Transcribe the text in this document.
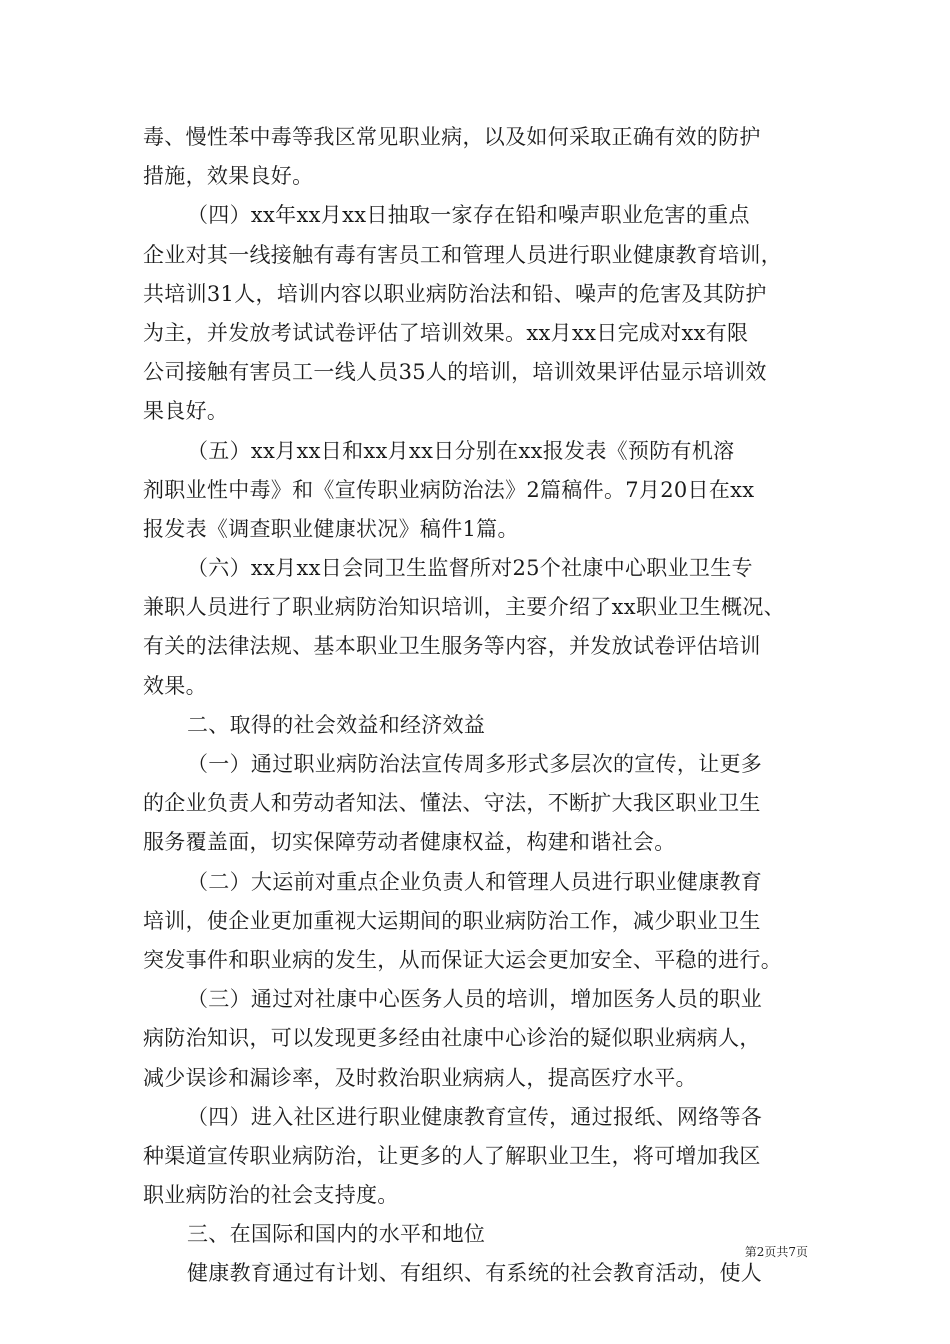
毒、慢性苯中毒等我区常见职业病，以及如何采取正确有效的防护
措施，效果良好。
（四）xx年xx月xx日抽取一家存在铅和噪声职业危害的重点
企业对其一线接触有毒有害员工和管理人员进行职业健康教育培训，
共培训31人，培训内容以职业病防治法和铅、噪声的危害及其防护
为主，并发放考试试卷评估了培训效果。xx月xx日完成对xx有限
公司接触有害员工一线人员35人的培训，培训效果评估显示培训效
果良好。
（五）xx月xx日和xx月xx日分别在xx报发表《预防有机溶
剂职业性中毒》和《宣传职业病防治法》2篇稿件。7月20日在xx
报发表《调查职业健康状况》稿件1篇。
（六）xx月xx日会同卫生监督所对25个社康中心职业卫生专
兼职人员进行了职业病防治知识培训，主要介绍了xx职业卫生概况、
有关的法律法规、基本职业卫生服务等内容，并发放试卷评估培训
效果。
二、取得的社会效益和经济效益
（一）通过职业病防治法宣传周多形式多层次的宣传，让更多
的企业负责人和劳动者知法、懂法、守法，不断扩大我区职业卫生
服务覆盖面，切实保障劳动者健康权益，构建和谐社会。
（二）大运前对重点企业负责人和管理人员进行职业健康教育
培训，使企业更加重视大运期间的职业病防治工作，减少职业卫生
突发事件和职业病的发生，从而保证大运会更加安全、平稳的进行。
（三）通过对社康中心医务人员的培训，增加医务人员的职业
病防治知识，可以发现更多经由社康中心诊治的疑似职业病病人，
减少误诊和漏诊率，及时救治职业病病人，提高医疗水平。
（四）进入社区进行职业健康教育宣传，通过报纸、网络等各
种渠道宣传职业病防治，让更多的人了解职业卫生，将可增加我区
职业病防治的社会支持度。
三、在国际和国内的水平和地位
健康教育通过有计划、有组织、有系统的社会教育活动，使人
第2页共7页
